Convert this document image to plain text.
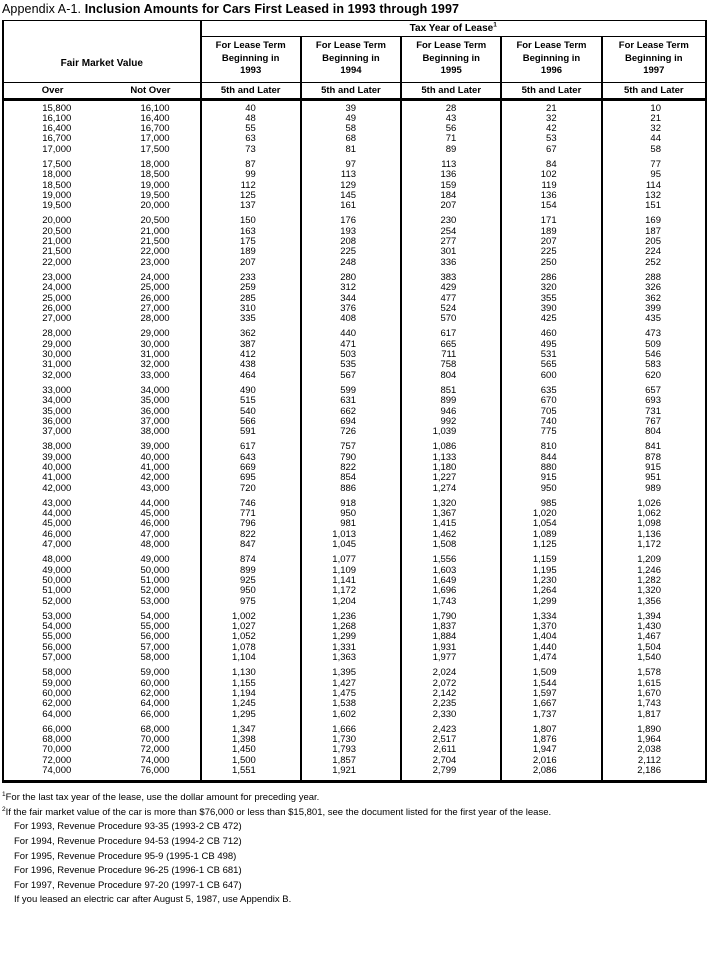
Appendix A-1. Inclusion Amounts for Cars First Leased in 1993 through 1997
Fair Market Value		Tax Year of Lease$^1$

For Lease Term
Beginning in
1993

For Lease Term
Beginning in
1994

For Lease Term
Beginning in
1995

For Lease Term
Beginning in
1996

For Lease Term
Beginning in
1997

Over	Not Over	5th and Later	5th and Later	5th and Later	5th and Later	5th and Later

15,800	16,100	40	39	28	21	10
16,100	16,400	48	49	43	32	21
16,400	16,700	55	58	56	42	32
16,700	17,000	63	68	71	53	44
17,000	17,500	73	81	89	67	58

17,500	18,000	87	97	113	84	77
18,000	18,500	99	113	136	102	95
18,500	19,000	112	129	159	119	114
19,000	19,500	125	145	184	136	132
19,500	20,000	137	161	207	154	151

20,000	20,500	150	176	230	171	169
20,500	21,000	163	193	254	189	187
21,000	21,500	175	208	277	207	205
21,500	22,000	189	225	301	225	224
22,000	23,000	207	248	336	250	252

23,000	24,000	233	280	383	286	288
24,000	25,000	259	312	429	320	326
25,000	26,000	285	344	477	355	362
26,000	27,000	310	376	524	390	399
27,000	28,000	335	408	570	425	435

28,000	29,000	362	440	617	460	473
29,000	30,000	387	471	665	495	509
30,000	31,000	412	503	711	531	546
31,000	32,000	438	535	758	565	583
32,000	33,000	464	567	804	600	620

33,000	34,000	490	599	851	635	657
34,000	35,000	515	631	899	670	693
35,000	36,000	540	662	946	705	731
36,000	37,000	566	694	992	740	767
37,000	38,000	591	726	1,039	775	804

38,000	39,000	617	757	1,086	810	841
39,000	40,000	643	790	1,133	844	878
40,000	41,000	669	822	1,180	880	915
41,000	42,000	695	854	1,227	915	951
42,000	43,000	720	886	1,274	950	989

43,000	44,000	746	918	1,320	985	1,026
44,000	45,000	771	950	1,367	1,020	1,062
45,000	46,000	796	981	1,415	1,054	1,098
46,000	47,000	822	1,013	1,462	1,089	1,136
47,000	48,000	847	1,045	1,508	1,125	1,172

48,000	49,000	874	1,077	1,556	1,159	1,209
49,000	50,000	899	1,109	1,603	1,195	1,246
50,000	51,000	925	1,141	1,649	1,230	1,282
51,000	52,000	950	1,172	1,696	1,264	1,320
52,000	53,000	975	1,204	1,743	1,299	1,356

53,000	54,000	1,002	1,236	1,790	1,334	1,394
54,000	55,000	1,027	1,268	1,837	1,370	1,430
55,000	56,000	1,052	1,299	1,884	1,404	1,467
56,000	57,000	1,078	1,331	1,931	1,440	1,504
57,000	58,000	1,104	1,363	1,977	1,474	1,540

58,000	59,000	1,130	1,395	2,024	1,509	1,578
59,000	60,000	1,155	1,427	2,072	1,544	1,615
60,000	62,000	1,194	1,475	2,142	1,597	1,670
62,000	64,000	1,245	1,538	2,235	1,667	1,743
64,000	66,000	1,295	1,602	2,330	1,737	1,817

66,000	68,000	1,347	1,666	2,423	1,807	1,890
68,000	70,000	1,398	1,730	2,517	1,876	1,964
70,000	72,000	1,450	1,793	2,611	1,947	2,038
72,000	74,000	1,500	1,857	2,704	2,016	2,112
74,000	76,000	1,551	1,921	2,799	2,086	2,186

$^1$For the last tax year of the lease, use the dollar amount for preceding year.
$^2$If the fair market value of the car is more than $76,000 or less than $15,801, see the document listed for the first year of the lease.
For 1993, Revenue Procedure 93-35 (1993-2 CB 472)
For 1994, Revenue Procedure 94-53 (1994-2 CB 712)
For 1995, Revenue Procedure 95-9 (1995-1 CB 498)
For 1996, Revenue Procedure 96-25 (1996-1 CB 681)
For 1997, Revenue Procedure 97-20 (1997-1 CB 647)
If you leased an electric car after August 5, 1987, use Appendix B.
